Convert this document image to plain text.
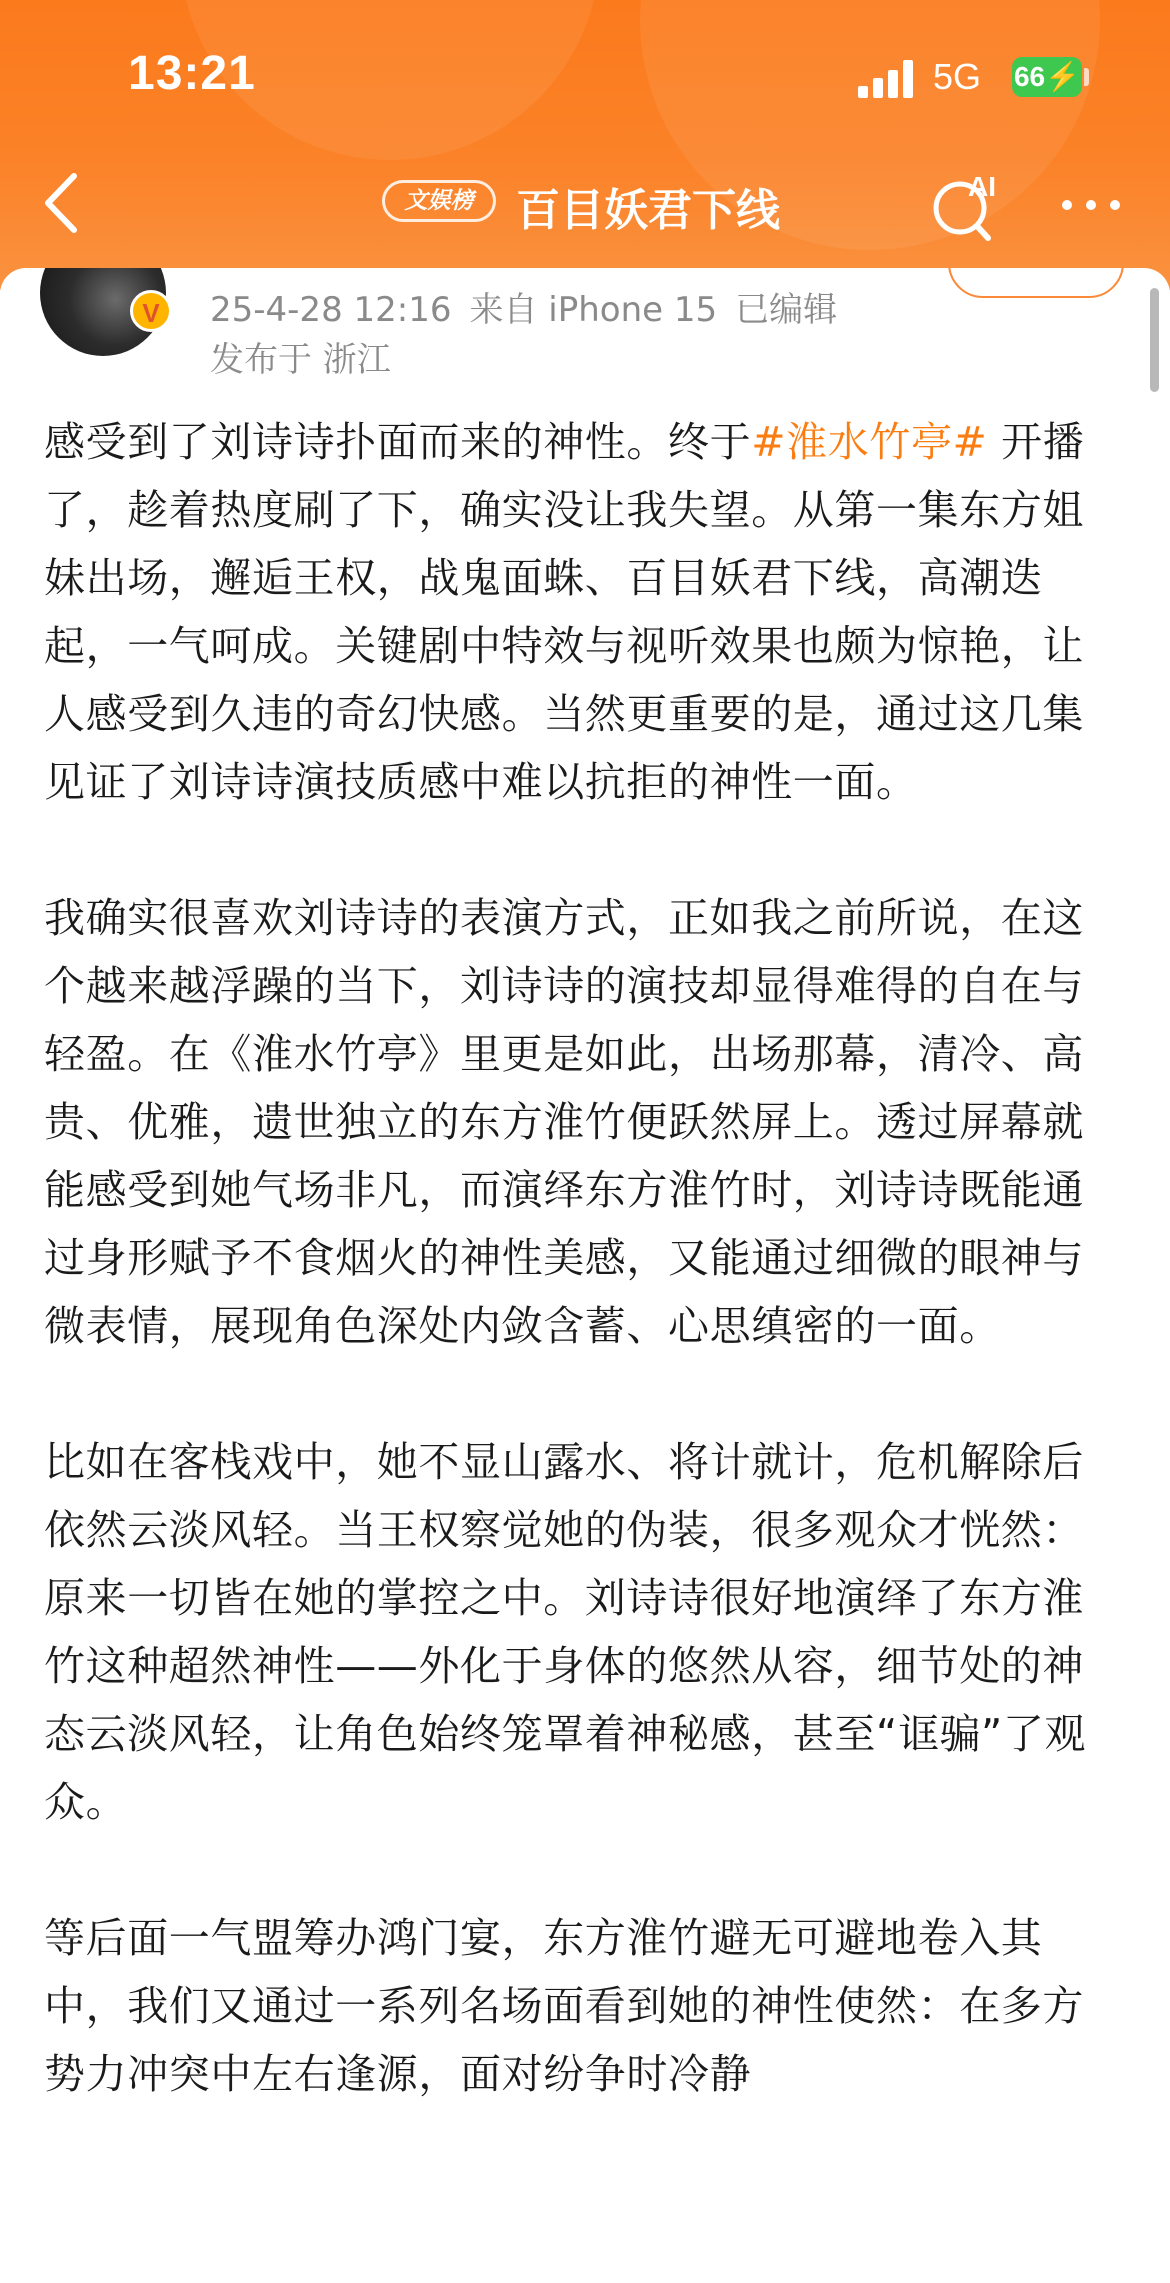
13:21	5G 66⚡
文娱榜 百目妖君下线	AI
V	25-4-28 12:16 来自 iPhone 15 已编辑
发布于 浙江

感受到了刘诗诗扑面而来的神性。终于#淮水竹亭# 开播了，趁着热度刷了下，确实没让我失望。从第一集东方姐妹出场，邂逅王权，战鬼面蛛、百目妖君下线，高潮迭起，一气呵成。关键剧中特效与视听效果也颇为惊艳，让人感受到久违的奇幻快感。当然更重要的是，通过这几集见证了刘诗诗演技质感中难以抗拒的神性一面。

我确实很喜欢刘诗诗的表演方式，正如我之前所说，在这个越来越浮躁的当下，刘诗诗的演技却显得难得的自在与轻盈。在《淮水竹亭》里更是如此，出场那幕，清冷、高贵、优雅，遗世独立的东方淮竹便跃然屏上。透过屏幕就能感受到她气场非凡，而演绎东方淮竹时，刘诗诗既能通过身形赋予不食烟火的神性美感，又能通过细微的眼神与微表情，展现角色深处内敛含蓄、心思缜密的一面。

比如在客栈戏中，她不显山露水、将计就计，危机解除后依然云淡风轻。当王权察觉她的伪装，很多观众才恍然：原来一切皆在她的掌控之中。刘诗诗很好地演绎了东方淮竹这种超然神性——外化于身体的悠然从容，细节处的神态云淡风轻，让角色始终笼罩着神秘感，甚至“诓骗”了观众。

等后面一气盟筹办鸿门宴，东方淮竹避无可避地卷入其中，我们又通过一系列名场面看到她的神性使然：在多方势力冲突中左右逢源，面对纷争时冷静
